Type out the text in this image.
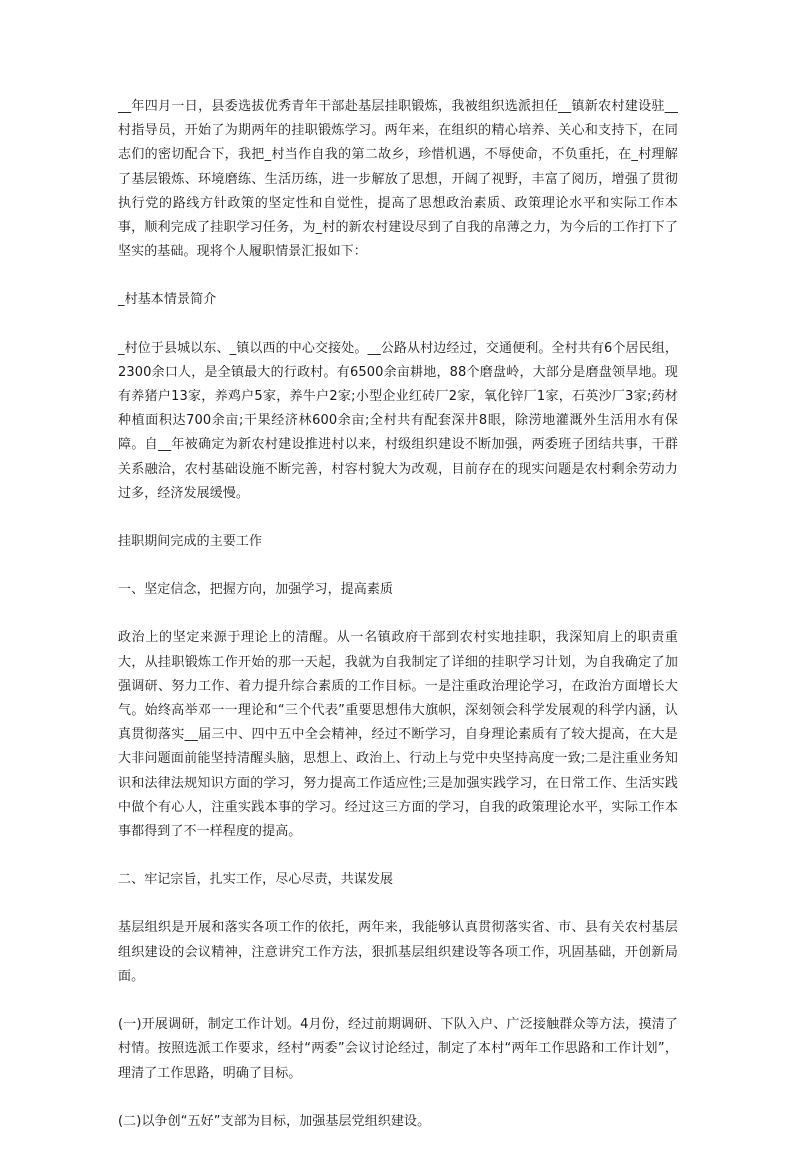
__年四月一日，县委选拔优秀青年干部赴基层挂职锻炼，我被组织选派担任__镇新农村建设驻__村指导员，开始了为期两年的挂职锻炼学习。两年来，在组织的精心培养、关心和支持下，在同志们的密切配合下，我把_村当作自我的第二故乡，珍惜机遇，不辱使命，不负重托，在_村理解了基层锻炼、环境磨练、生活历练，进一步解放了思想，开阔了视野，丰富了阅历，增强了贯彻执行党的路线方针政策的坚定性和自觉性，提高了思想政治素质、政策理论水平和实际工作本事，顺利完成了挂职学习任务，为_村的新农村建设尽到了自我的帛薄之力，为今后的工作打下了坚实的基础。现将个人履职情景汇报如下：

_村基本情景简介

_村位于县城以东、_镇以西的中心交接处。__公路从村边经过，交通便利。全村共有6个居民组，2300余口人，是全镇最大的行政村。有6500余亩耕地，88个磨盘岭，大部分是磨盘领旱地。现有养猪户13家，养鸡户5家，养牛户2家;小型企业红砖厂2家，氧化锌厂1家，石英沙厂3家;药材种植面积达700余亩;干果经济林600余亩;全村共有配套深井8眼，除涝地灌溉外生活用水有保障。自__年被确定为新农村建设推进村以来，村级组织建设不断加强，两委班子团结共事，干群关系融洽，农村基础设施不断完善，村容村貌大为改观，目前存在的现实问题是农村剩余劳动力过多，经济发展缓慢。

挂职期间完成的主要工作

一、坚定信念，把握方向，加强学习，提高素质

政治上的坚定来源于理论上的清醒。从一名镇政府干部到农村实地挂职，我深知肩上的职责重大，从挂职锻炼工作开始的那一天起，我就为自我制定了详细的挂职学习计划，为自我确定了加强调研、努力工作、着力提升综合素质的工作目标。一是注重政治理论学习，在政治方面增长大气。始终高举邓一一理论和“三个代表”重要思想伟大旗帜，深刻领会科学发展观的科学内涵，认真贯彻落实__届三中、四中五中全会精神，经过不断学习，自身理论素质有了较大提高，在大是大非问题面前能坚持清醒头脑，思想上、政治上、行动上与党中央坚持高度一致;二是注重业务知识和法律法规知识方面的学习，努力提高工作适应性;三是加强实践学习，在日常工作、生活实践中做个有心人，注重实践本事的学习。经过这三方面的学习，自我的政策理论水平，实际工作本事都得到了不一样程度的提高。

二、牢记宗旨，扎实工作，尽心尽责，共谋发展

基层组织是开展和落实各项工作的依托，两年来，我能够认真贯彻落实省、市、县有关农村基层组织建设的会议精神，注意讲究工作方法，狠抓基层组织建设等各项工作，巩固基础，开创新局面。

(一)开展调研，制定工作计划。4月份，经过前期调研、下队入户、广泛接触群众等方法，摸清了村情。按照选派工作要求，经村“两委”会议讨论经过，制定了本村“两年工作思路和工作计划”，理清了工作思路，明确了目标。

(二)以争创“五好”支部为目标，加强基层党组织建设。
